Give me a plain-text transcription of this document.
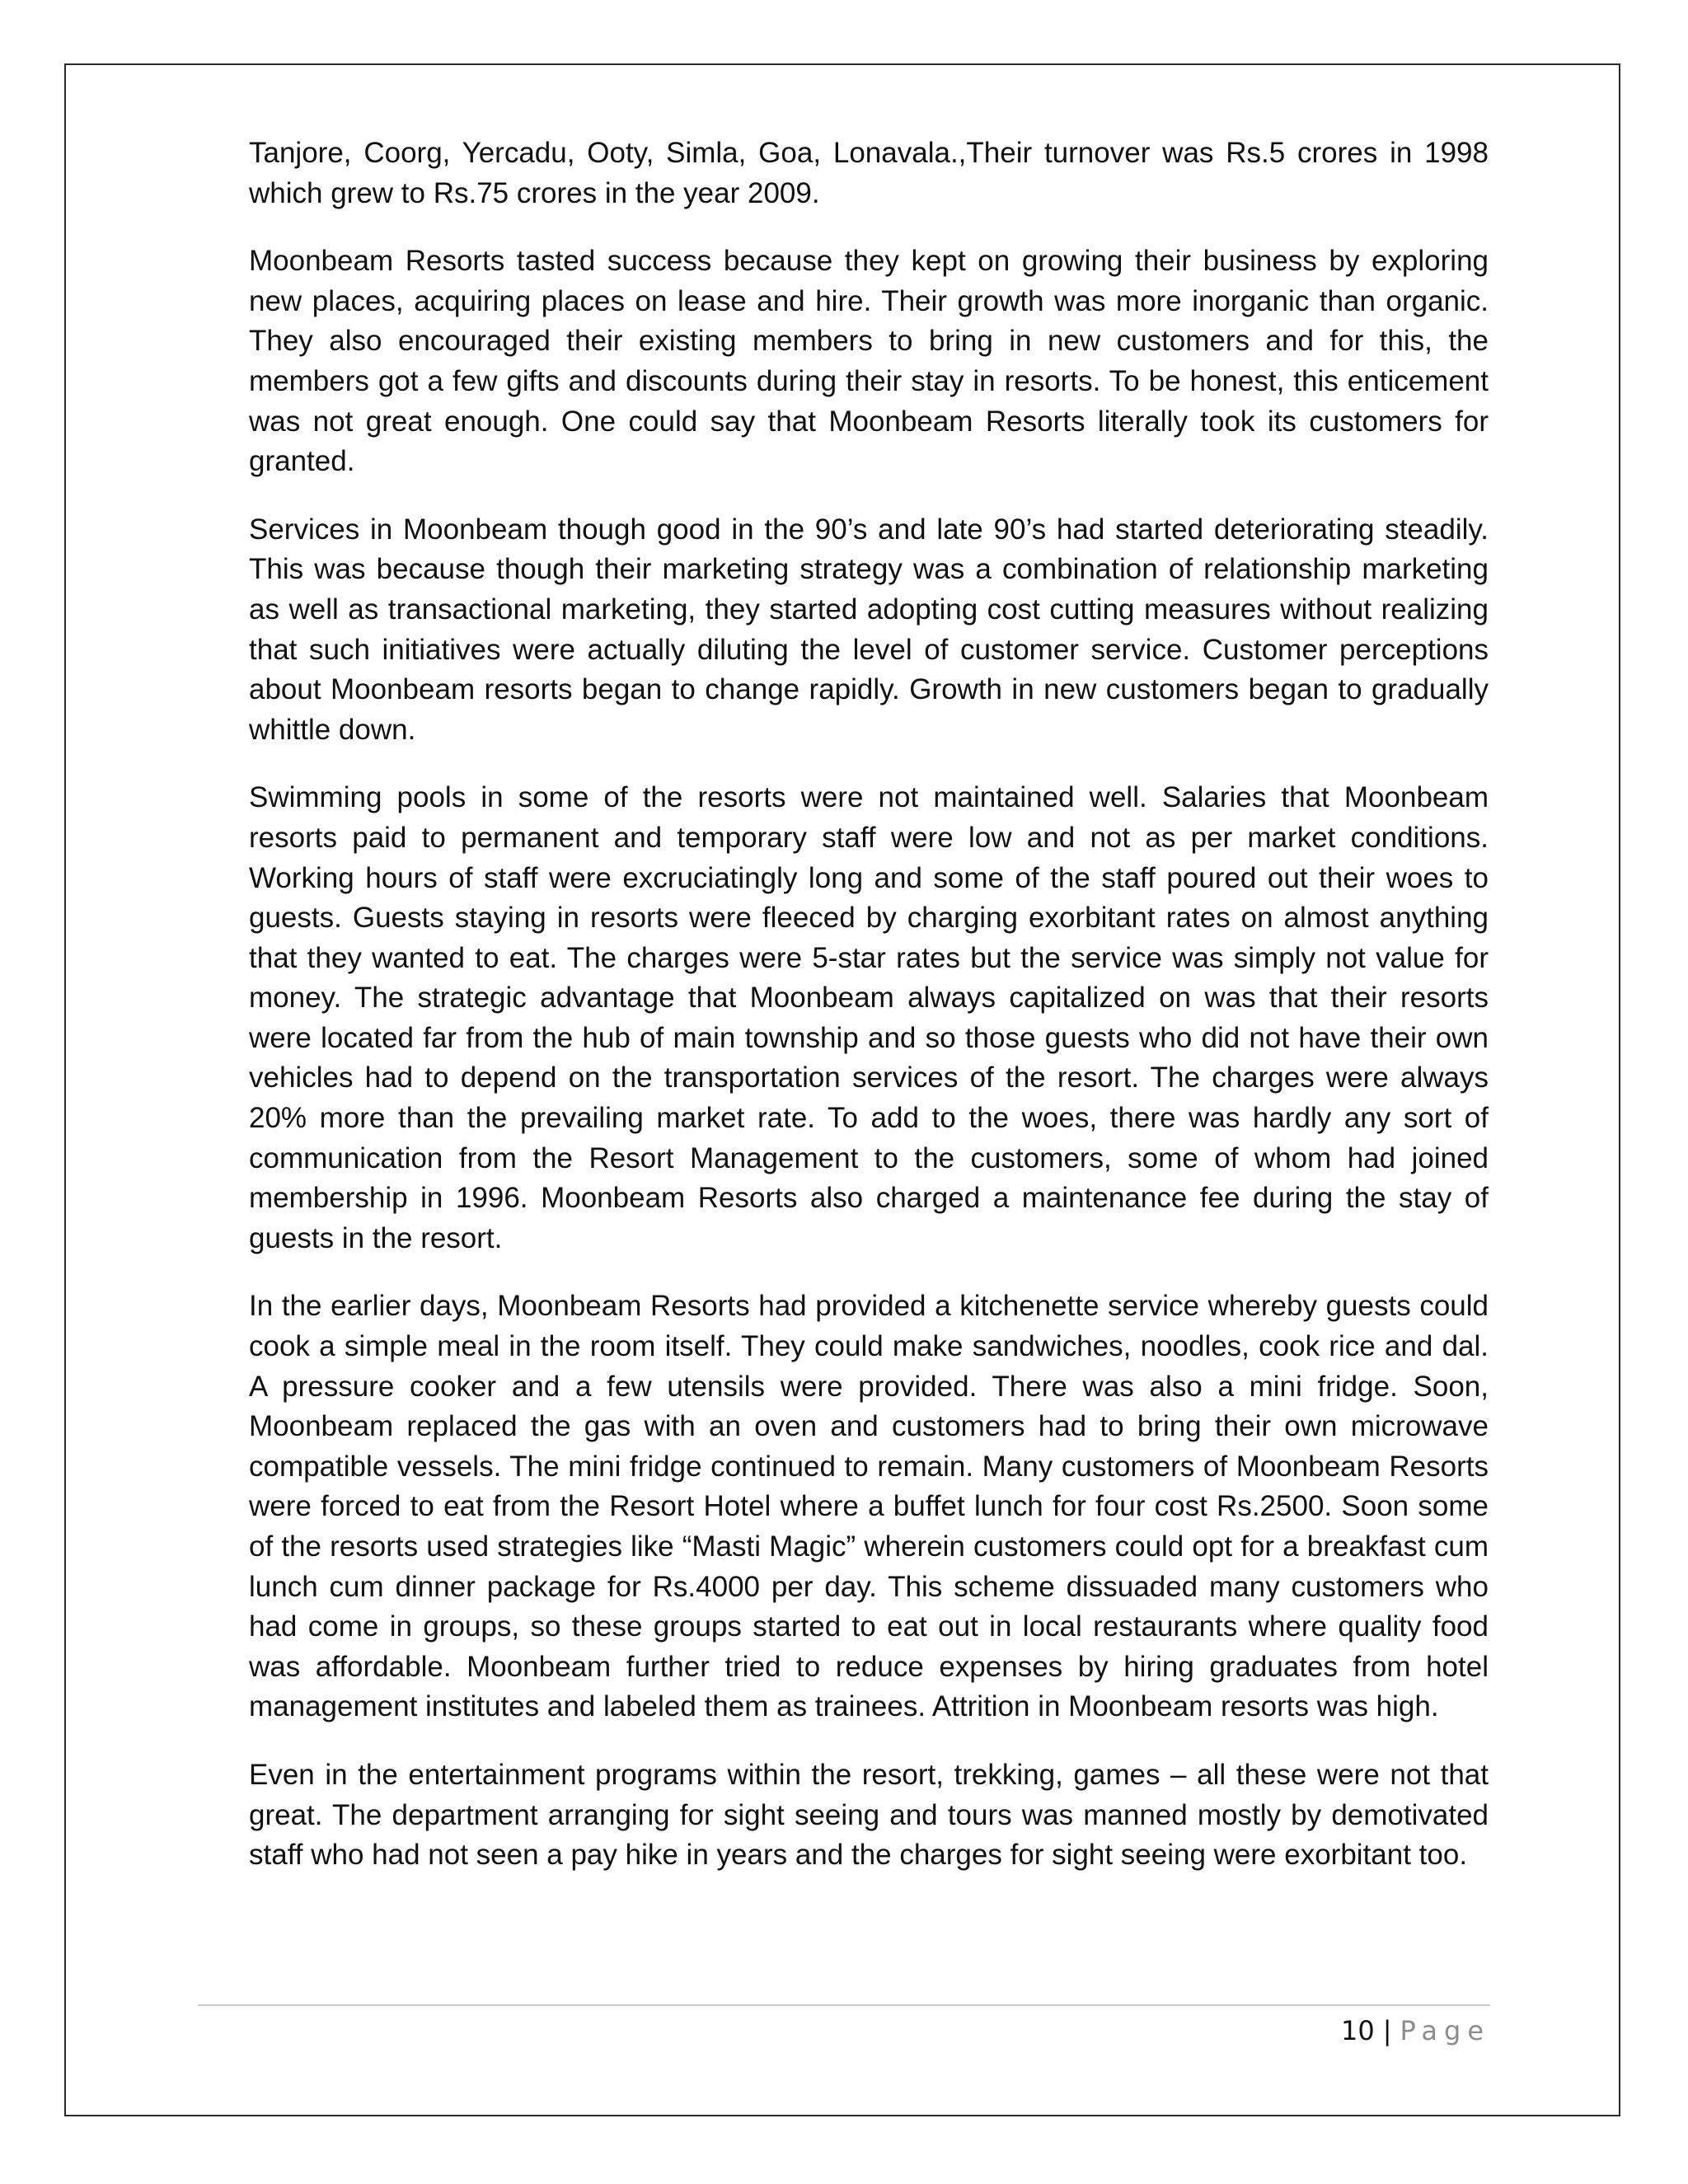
Tanjore, Coorg, Yercadu, Ooty, Simla, Goa, Lonavala.,Their turnover was Rs.5 crores in 1998 which grew to Rs.75 crores in the year 2009.

Moonbeam Resorts tasted success because they kept on growing their business by exploring new places, acquiring places on lease and hire. Their growth was more inorganic than organic. They also encouraged their existing members to bring in new customers and for this, the members got a few gifts and discounts during their stay in resorts. To be honest, this enticement was not great enough. One could say that Moonbeam Resorts literally took its customers for granted.

Services in Moonbeam though good in the 90’s and late 90’s had started deteriorating steadily. This was because though their marketing strategy was a combination of relationship marketing as well as transactional marketing, they started adopting cost cutting measures without realizing that such initiatives were actually diluting the level of customer service. Customer perceptions about Moonbeam resorts began to change rapidly. Growth in new customers began to gradually whittle down.

Swimming pools in some of the resorts were not maintained well. Salaries that Moonbeam resorts paid to permanent and temporary staff were low and not as per market conditions. Working hours of staff were excruciatingly long and some of the staff poured out their woes to guests. Guests staying in resorts were fleeced by charging exorbitant rates on almost anything that they wanted to eat. The charges were 5-star rates but the service was simply not value for money. The strategic advantage that Moonbeam always capitalized on was that their resorts were located far from the hub of main township and so those guests who did not have their own vehicles had to depend on the transportation services of the resort. The charges were always 20% more than the prevailing market rate. To add to the woes, there was hardly any sort of communication from the Resort Management to the customers, some of whom had joined membership in 1996. Moonbeam Resorts also charged a maintenance fee during the stay of guests in the resort.

In the earlier days, Moonbeam Resorts had provided a kitchenette service whereby guests could cook a simple meal in the room itself. They could make sandwiches, noodles, cook rice and dal. A pressure cooker and a few utensils were provided. There was also a mini fridge. Soon, Moonbeam replaced the gas with an oven and customers had to bring their own microwave compatible vessels. The mini fridge continued to remain. Many customers of Moonbeam Resorts were forced to eat from the Resort Hotel where a buffet lunch for four cost Rs.2500. Soon some of the resorts used strategies like “Masti Magic” wherein customers could opt for a breakfast cum lunch cum dinner package for Rs.4000 per day. This scheme dissuaded many customers who had come in groups, so these groups started to eat out in local restaurants where quality food was affordable. Moonbeam further tried to reduce expenses by hiring graduates from hotel management institutes and labeled them as trainees. Attrition in Moonbeam resorts was high.

Even in the entertainment programs within the resort, trekking, games – all these were not that great. The department arranging for sight seeing and tours was manned mostly by demotivated staff who had not seen a pay hike in years and the charges for sight seeing were exorbitant too.

10 | Page
